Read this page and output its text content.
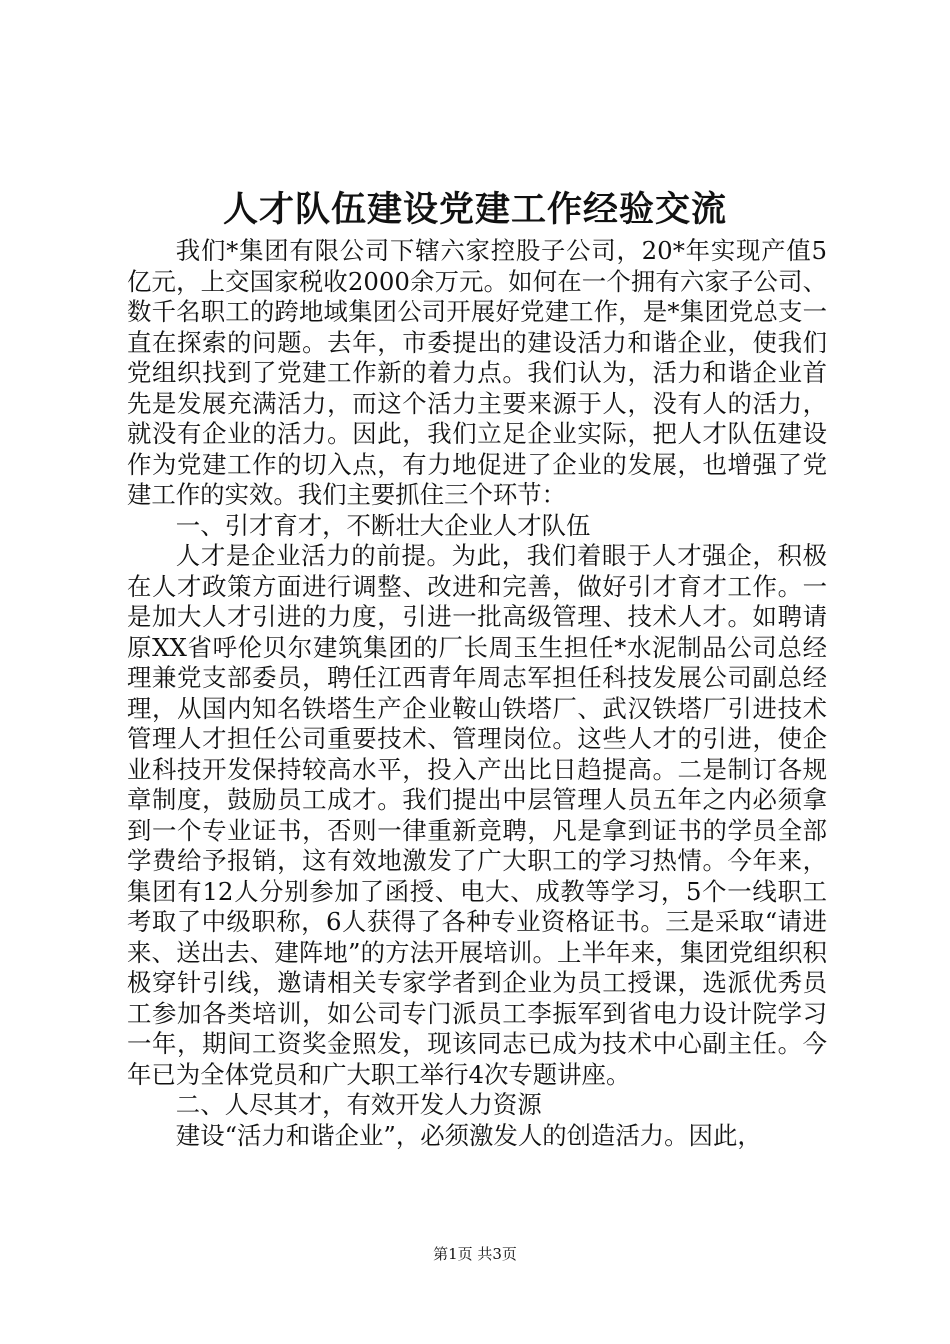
人才队伍建设党建工作经验交流

我们*集团有限公司下辖六家控股子公司，20*年实现产值5亿元，上交国家税收2000余万元。如何在一个拥有六家子公司、数千名职工的跨地域集团公司开展好党建工作，是*集团党总支一直在探索的问题。去年，市委提出的建设活力和谐企业，使我们党组织找到了党建工作新的着力点。我们认为，活力和谐企业首先是发展充满活力，而这个活力主要来源于人，没有人的活力，就没有企业的活力。因此，我们立足企业实际，把人才队伍建设作为党建工作的切入点，有力地促进了企业的发展，也增强了党建工作的实效。我们主要抓住三个环节：

一、引才育才，不断壮大企业人才队伍

人才是企业活力的前提。为此，我们着眼于人才强企，积极在人才政策方面进行调整、改进和完善，做好引才育才工作。一是加大人才引进的力度，引进一批高级管理、技术人才。如聘请原XX省呼伦贝尔建筑集团的厂长周玉生担任*水泥制品公司总经理兼党支部委员，聘任江西青年周志军担任科技发展公司副总经理，从国内知名铁塔生产企业鞍山铁塔厂、武汉铁塔厂引进技术管理人才担任公司重要技术、管理岗位。这些人才的引进，使企业科技开发保持较高水平，投入产出比日趋提高。二是制订各规章制度，鼓励员工成才。我们提出中层管理人员五年之内必须拿到一个专业证书，否则一律重新竞聘，凡是拿到证书的学员全部学费给予报销，这有效地激发了广大职工的学习热情。今年来，集团有12人分别参加了函授、电大、成教等学习，5个一线职工考取了中级职称，6人获得了各种专业资格证书。三是采取“请进来、送出去、建阵地”的方法开展培训。上半年来，集团党组织积极穿针引线，邀请相关专家学者到企业为员工授课，选派优秀员工参加各类培训，如公司专门派员工李振军到省电力设计院学习一年，期间工资奖金照发，现该同志已成为技术中心副主任。今年已为全体党员和广大职工举行4次专题讲座。

二、人尽其才，有效开发人力资源

建设“活力和谐企业”，必须激发人的创造活力。因此，

第1页 共3页
